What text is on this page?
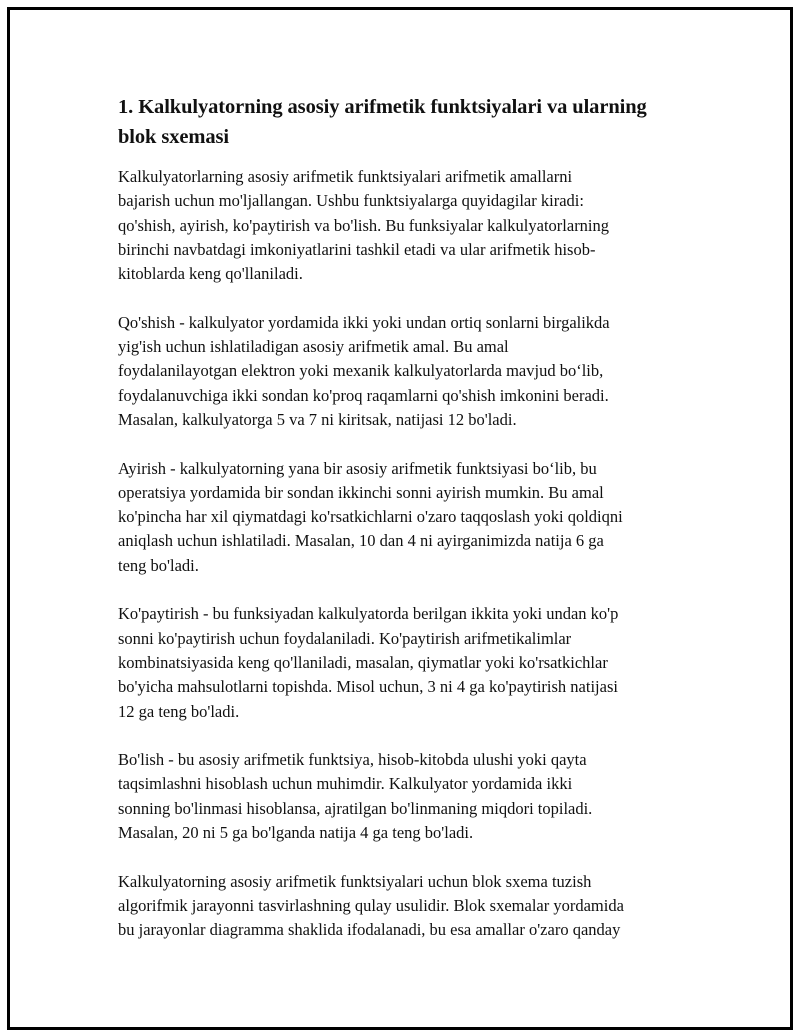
1. Kalkulyatorning asosiy arifmetik funktsiyalari va ularning
blok sxemasi

Kalkulyatorlarning asosiy arifmetik funktsiyalari arifmetik amallarni
bajarish uchun mo'ljallangan. Ushbu funktsiyalarga quyidagilar kiradi:
qo'shish, ayirish, ko'paytirish va bo'lish. Bu funksiyalar kalkulyatorlarning
birinchi navbatdagi imkoniyatlarini tashkil etadi va ular arifmetik hisob-
kitoblarda keng qo'llaniladi.

Qo'shish - kalkulyator yordamida ikki yoki undan ortiq sonlarni birgalikda
yig'ish uchun ishlatiladigan asosiy arifmetik amal. Bu amal
foydalanilayotgan elektron yoki mexanik kalkulyatorlarda mavjud bo‘lib,
foydalanuvchiga ikki sondan ko'proq raqamlarni qo'shish imkonini beradi.
Masalan, kalkulyatorga 5 va 7 ni kiritsak, natijasi 12 bo'ladi.

Ayirish - kalkulyatorning yana bir asosiy arifmetik funktsiyasi bo‘lib, bu
operatsiya yordamida bir sondan ikkinchi sonni ayirish mumkin. Bu amal
ko'pincha har xil qiymatdagi ko'rsatkichlarni o'zaro taqqoslash yoki qoldiqni
aniqlash uchun ishlatiladi. Masalan, 10 dan 4 ni ayirganimizda natija 6 ga
teng bo'ladi.

Ko'paytirish - bu funksiyadan kalkulyatorda berilgan ikkita yoki undan ko'p
sonni ko'paytirish uchun foydalaniladi. Ko'paytirish arifmetikalimlar
kombinatsiyasida keng qo'llaniladi, masalan, qiymatlar yoki ko'rsatkichlar
bo'yicha mahsulotlarni topishda. Misol uchun, 3 ni 4 ga ko'paytirish natijasi
12 ga teng bo'ladi.

Bo'lish - bu asosiy arifmetik funktsiya, hisob-kitobda ulushi yoki qayta
taqsimlashni hisoblash uchun muhimdir. Kalkulyator yordamida ikki
sonning bo'linmasi hisoblansa, ajratilgan bo'linmaning miqdori topiladi.
Masalan, 20 ni 5 ga bo'lganda natija 4 ga teng bo'ladi.

Kalkulyatorning asosiy arifmetik funktsiyalari uchun blok sxema tuzish
algorifmik jarayonni tasvirlashning qulay usulidir. Blok sxemalar yordamida
bu jarayonlar diagramma shaklida ifodalanadi, bu esa amallar o'zaro qanday
